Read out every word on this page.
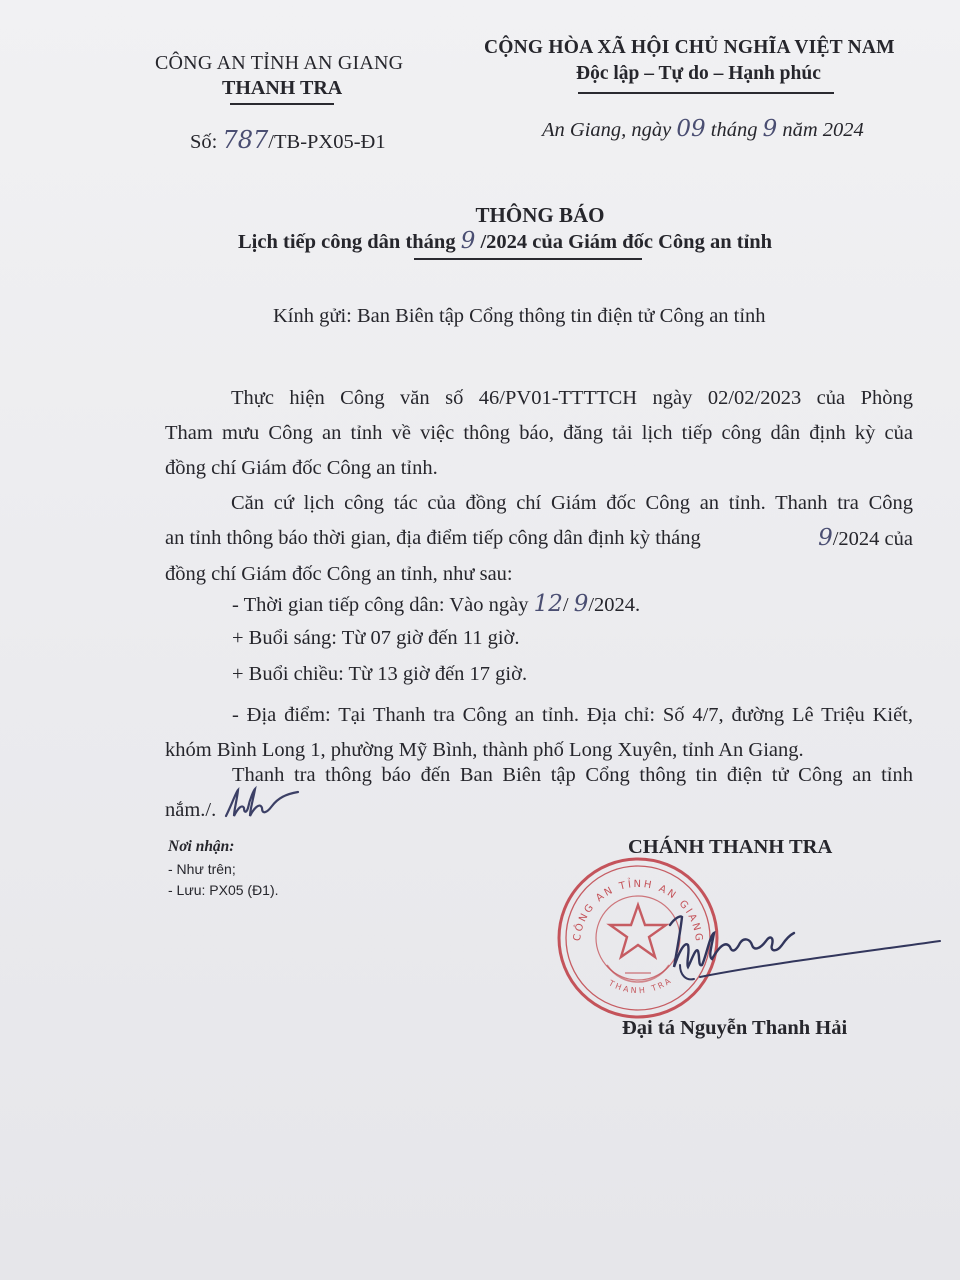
CÔNG AN TỈNH AN GIANG
THANH TRA
Số: 787/TB-PX05-Đ1
CỘNG HÒA XÃ HỘI CHỦ NGHĨA VIỆT NAM
Độc lập – Tự do – Hạnh phúc
An Giang, ngày 09 tháng 9 năm 2024
THÔNG BÁO
Lịch tiếp công dân tháng 9 /2024 của Giám đốc Công an tỉnh
Kính gửi: Ban Biên tập Cổng thông tin điện tử Công an tỉnh
Thực hiện Công văn số 46/PV01-TTTTCH ngày 02/02/2023 của Phòng
Tham mưu Công an tỉnh về việc thông báo, đăng tải lịch tiếp công dân định kỳ của
đồng chí Giám đốc Công an tỉnh.
Căn cứ lịch công tác của đồng chí Giám đốc Công an tỉnh. Thanh tra Công
an tỉnh thông báo thời gian, địa điểm tiếp công dân định kỳ tháng	9/2024 của
đồng chí Giám đốc Công an tỉnh, như sau:
- Thời gian tiếp công dân: Vào ngày 12/ 9/2024.
+ Buổi sáng: Từ 07 giờ đến 11 giờ.
+ Buổi chiều: Từ 13 giờ đến 17 giờ.
- Địa điểm: Tại Thanh tra Công an tỉnh. Địa chỉ: Số 4/7, đường Lê Triệu Kiết,
khóm Bình Long 1, phường Mỹ Bình, thành phố Long Xuyên, tỉnh An Giang.
Thanh tra thông báo đến Ban Biên tập Cổng thông tin điện tử Công an tỉnh
nắm./.
Nơi nhận:
- Như trên;
- Lưu: PX05 (Đ1).
CHÁNH THANH TRA
CÔNG AN TỈNH AN GIANG
THANH TRA
Đại tá Nguyễn Thanh Hải
